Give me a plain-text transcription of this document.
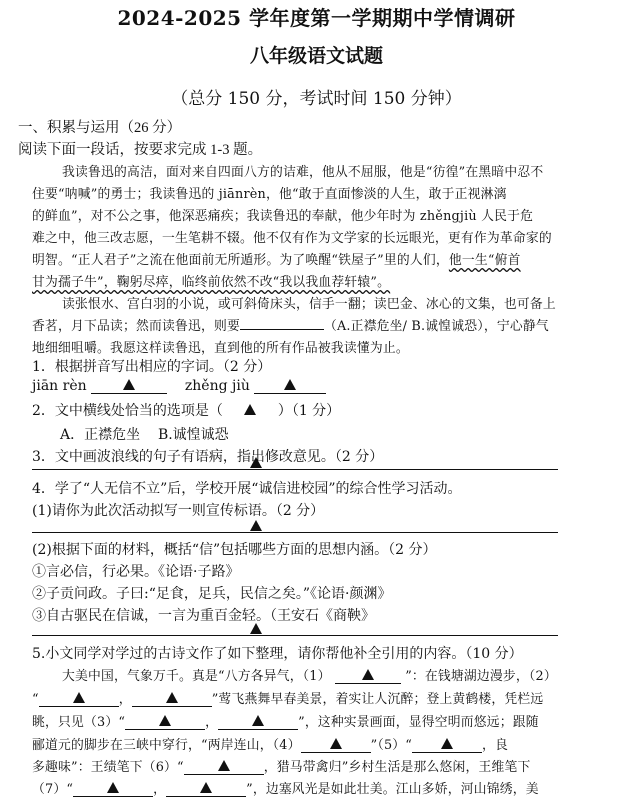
2024-2025 学年度第一学期期中学情调研
八年级语文试题
（总分 150 分，考试时间 150 分钟）
一、积累与运用（26 分）
阅读下面一段话，按要求完成 1-3 题。
我读鲁迅的高洁，面对来自四面八方的诘难，他从不屈服，他是“彷徨”在黑暗中忍不
住要“呐喊”的勇士；我读鲁迅的 jiānrèn，他“敢于直面惨淡的人生，敢于正视淋漓
的鲜血”，对不公之事，他深恶痛疾；我读鲁迅的奉献，他少年时为 zhěngjiù 人民于危
难之中，他三改志愿，一生笔耕不辍。他不仅有作为文学家的长远眼光，更有作为革命家的
明智。“正人君子”之流在他面前无所遁形。为了唤醒“铁屋子”里的人们，他一生“俯首
甘为孺子牛”，鞠躬尽瘁，临终前依然不改“我以我血荐轩辕”。
读张恨水、宫白羽的小说，或可斜倚床头，信手一翻；读巴金、冰心的文集，也可备上
香茗，月下品读；然而读鲁迅，则要	（A.正襟危坐/ B.诚惶诚恐），宁心静气
地细细咀嚼。我愿这样读鲁迅，直到他的所有作品被我读懂为止。
1．根据拼音写出相应的字词。（2 分）
jiān rèn	zhěng jiù
2．文中横线处恰当的选项是（	）（1 分）
A．正襟危坐 B.诚惶诚恐
3．文中画波浪线的句子有语病，指出修改意见。（2 分）
4．学了“人无信不立”后，学校开展“诚信进校园”的综合性学习活动。
(1)请你为此次活动拟写一则宣传标语。（2 分）
(2)根据下面的材料，概括“信”包括哪些方面的思想内涵。（2 分）
①言必信，行必果。《论语·子路》
②子贡问政。子曰:“足食，足兵，民信之矣。”《论语·颜渊》
③自古驱民在信诚，一言为重百金轻。（王安石《商鞅》
5.小文同学对学过的古诗文作了如下整理，请你帮他补全引用的内容。（10 分）
大美中国，气象万千。真是“八方各异气，（1）	”：在钱塘湖边漫步，（2）
“	，	”莺飞燕舞早春美景，着实让人沉醉；登上黄鹤楼，凭栏远
眺，只见（3）“	，	”，这种实景画面，显得空明而悠远；跟随
郦道元的脚步在三峡中穿行，“两岸连山，（4）	”（5）“	，良
多趣味”：王绩笔下（6）“	，猎马带禽归”乡村生活是那么悠闲，王维笔下
（7）“	，	”，边塞风光是如此壮美。江山多娇，河山锦绣，美
